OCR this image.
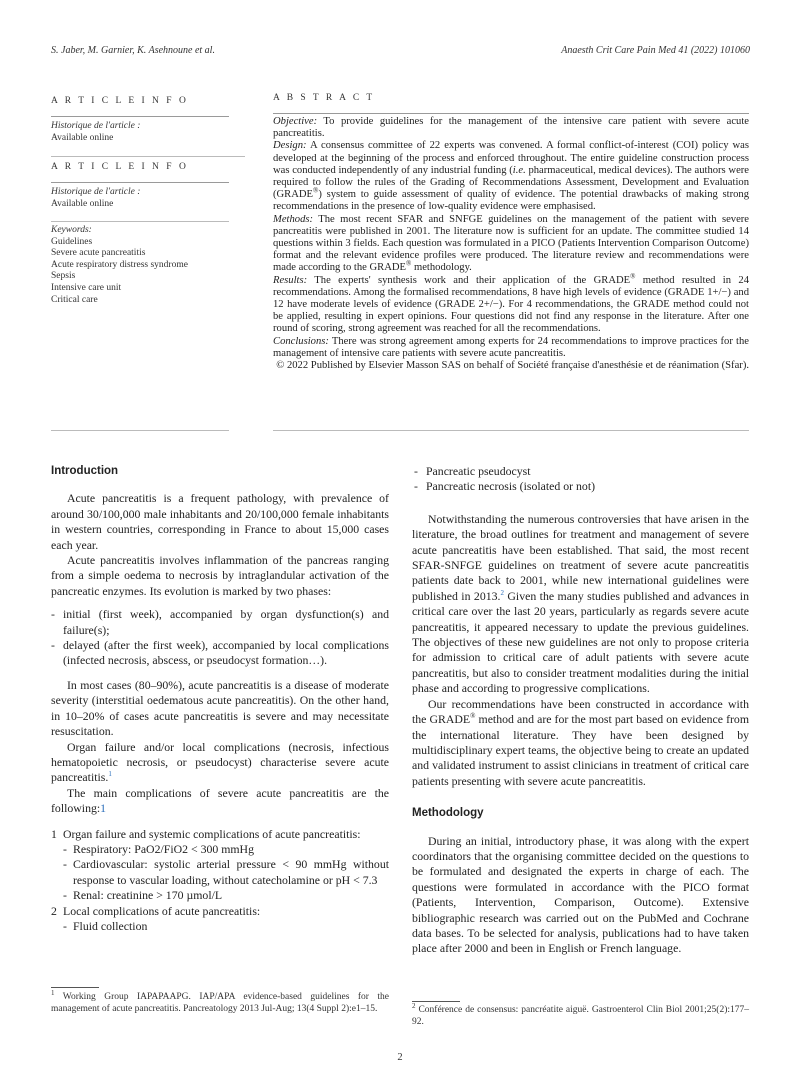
S. Jaber, M. Garnier, K. Asehnoune et al.	Anaesth Crit Care Pain Med 41 (2022) 101060
A R T I C L E I N F O
Historique de l'article :
Available online
A R T I C L E I N F O
Historique de l'article :
Available online
Keywords:
Guidelines
Severe acute pancreatitis
Acute respiratory distress syndrome
Sepsis
Intensive care unit
Critical care
A B S T R A C T

Objective: To provide guidelines for the management of the intensive care patient with severe acute pancreatitis.

Design: A consensus committee of 22 experts was convened. A formal conflict-of-interest (COI) policy was developed at the beginning of the process and enforced throughout. The entire guideline construction process was conducted independently of any industrial funding (i.e. pharmaceutical, medical devices). The authors were required to follow the rules of the Grading of Recommendations Assessment, Development and Evaluation (GRADE®) system to guide assessment of quality of evidence. The potential drawbacks of making strong recommendations in the presence of low-quality evidence were emphasised.

Methods: The most recent SFAR and SNFGE guidelines on the management of the patient with severe pancreatitis were published in 2001. The literature now is sufficient for an update. The committee studied 14 questions within 3 fields. Each question was formulated in a PICO (Patients Intervention Comparison Outcome) format and the relevant evidence profiles were produced. The literature review and recommendations were made according to the GRADE® methodology.

Results: The experts' synthesis work and their application of the GRADE® method resulted in 24 recommendations. Among the formalised recommendations, 8 have high levels of evidence (GRADE 1+/−) and 12 have moderate levels of evidence (GRADE 2+/−). For 4 recommendations, the GRADE method could not be applied, resulting in expert opinions. Four questions did not find any response in the literature. After one round of scoring, strong agreement was reached for all the recommendations.

Conclusions: There was strong agreement among experts for 24 recommendations to improve practices for the management of intensive care patients with severe acute pancreatitis.

© 2022 Published by Elsevier Masson SAS on behalf of Société française d'anesthésie et de réanimation (Sfar).

Introduction

Acute pancreatitis is a frequent pathology, with prevalence of around 30/100,000 male inhabitants and 20/100,000 female inhabitants in western countries, corresponding in France to about 15,000 cases each year.

Acute pancreatitis involves inflammation of the pancreas ranging from a simple oedema to necrosis by intraglandular activation of the pancreatic enzymes. Its evolution is marked by two phases:

- initial (first week), accompanied by organ dysfunction(s) and failure(s);

- delayed (after the first week), accompanied by local complications (infected necrosis, abscess, or pseudocyst formation…).

In most cases (80–90%), acute pancreatitis is a disease of moderate severity (interstitial oedematous acute pancreatitis). On the other hand, in 10–20% of cases acute pancreatitis is severe and may necessitate resuscitation.

Organ failure and/or local complications (necrosis, infectious hematopoietic necrosis, or pseudocyst) characterise severe acute pancreatitis.$^1$

The main complications of severe acute pancreatitis are the following:1

1 Organ failure and systemic complications of acute pancreatitis:

- Respiratory: PaO2/FiO2 < 300 mmHg

- Cardiovascular: systolic arterial pressure < 90 mmHg without response to vascular loading, without catecholamine or pH < 7.3

- Renal: creatinine > 170 µmol/L

2 Local complications of acute pancreatitis:

- Fluid collection

$^1$ Working Group IAPAPAAPG. IAP/APA evidence-based guidelines for the management of acute pancreatitis. Pancreatology 2013 Jul-Aug; 13(4 Suppl 2):e1–15.

- Pancreatic pseudocyst

- Pancreatic necrosis (isolated or not)

Notwithstanding the numerous controversies that have arisen in the literature, the broad outlines for treatment and management of severe acute pancreatitis have been established. That said, the most recent SFAR-SNFGE guidelines on treatment of severe acute pancreatitis patients date back to 2001, while new international guidelines were published in 2013.$^2$ Given the many studies published and advances in critical care over the last 20 years, particularly as regards severe acute pancreatitis, it appeared necessary to update the previous guidelines. The objectives of these new guidelines are not only to propose criteria for admission to critical care of adult patients with severe acute pancreatitis, but also to consider treatment modalities during the initial phase and according to progressive complications.

Our recommendations have been constructed in accordance with the GRADE® method and are for the most part based on evidence from the international literature. They have been designed by multidisciplinary expert teams, the objective being to create an updated and validated instrument to assist clinicians in treatment of critical care patients presenting with severe acute pancreatitis.

Methodology

During an initial, introductory phase, it was along with the expert coordinators that the organising committee decided on the questions to be formulated and designated the experts in charge of each. The questions were formulated in accordance with the PICO format (Patients, Intervention, Comparison, Outcome). Extensive bibliographic research was carried out on the PubMed and Cochrane data bases. To be selected for analysis, publications had to have taken place after 2000 and been in English or French language.

$^2$ Conférence de consensus: pancréatite aiguë. Gastroenterol Clin Biol 2001;25(2):177–92.
2
